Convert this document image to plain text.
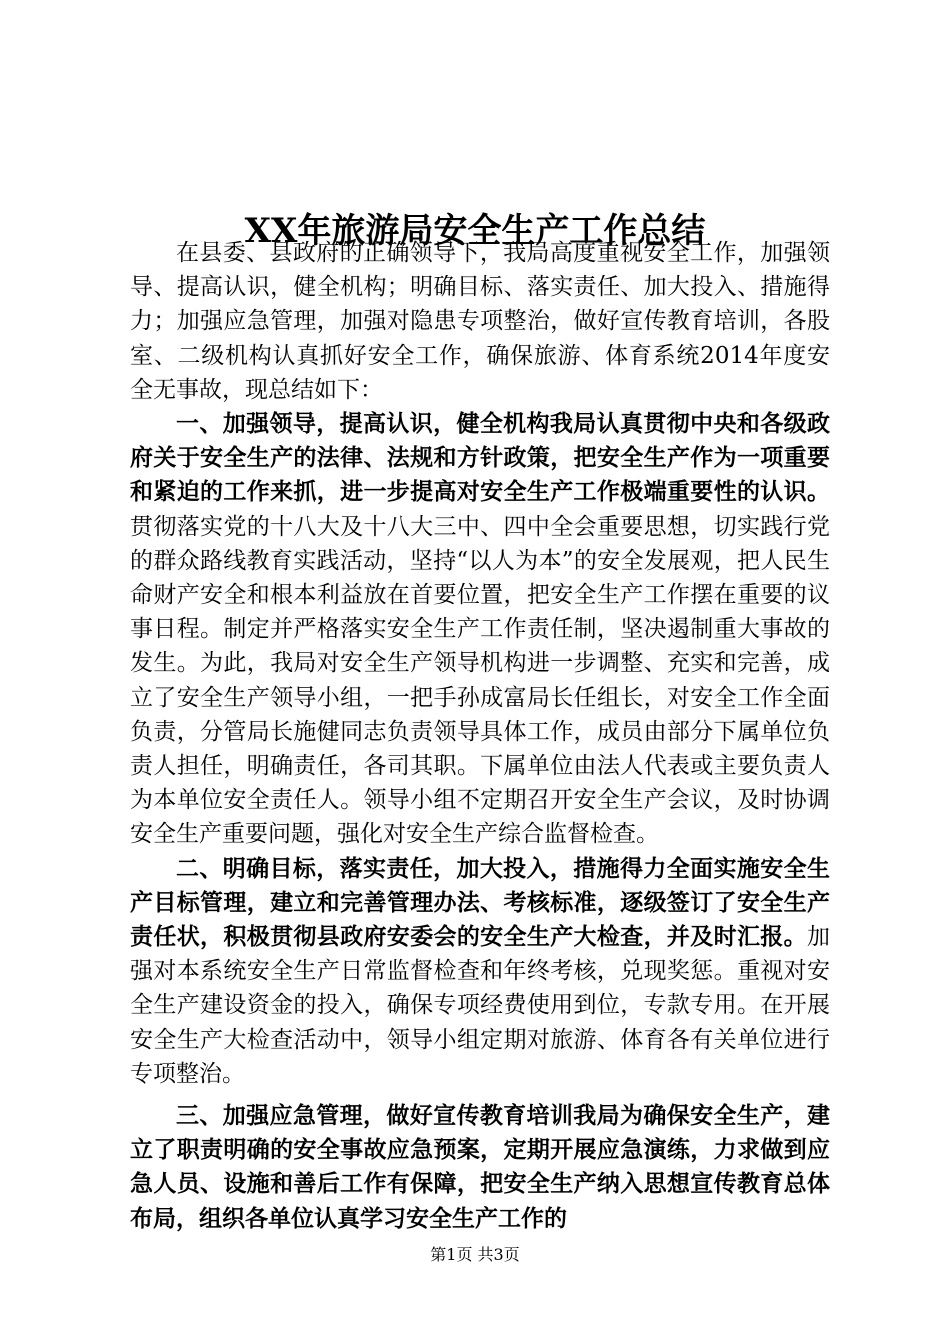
XX年旅游局安全生产工作总结

在县委、县政府的正确领导下，我局高度重视安全工作，加强领导、提高认识，健全机构；明确目标、落实责任、加大投入、措施得力；加强应急管理，加强对隐患专项整治，做好宣传教育培训，各股室、二级机构认真抓好安全工作，确保旅游、体育系统2014年度安全无事故，现总结如下：

一、加强领导，提高认识，健全机构我局认真贯彻中央和各级政府关于安全生产的法律、法规和方针政策，把安全生产作为一项重要和紧迫的工作来抓，进一步提高对安全生产工作极端重要性的认识。贯彻落实党的十八大及十八大三中、四中全会重要思想，切实践行党的群众路线教育实践活动，坚持“以人为本”的安全发展观，把人民生命财产安全和根本利益放在首要位置，把安全生产工作摆在重要的议事日程。制定并严格落实安全生产工作责任制，坚决遏制重大事故的发生。为此，我局对安全生产领导机构进一步调整、充实和完善，成立了安全生产领导小组，一把手孙成富局长任组长，对安全工作全面负责，分管局长施健同志负责领导具体工作，成员由部分下属单位负责人担任，明确责任，各司其职。下属单位由法人代表或主要负责人为本单位安全责任人。领导小组不定期召开安全生产会议，及时协调安全生产重要问题，强化对安全生产综合监督检查。

二、明确目标，落实责任，加大投入，措施得力全面实施安全生产目标管理，建立和完善管理办法、考核标准，逐级签订了安全生产责任状，积极贯彻县政府安委会的安全生产大检查，并及时汇报。加强对本系统安全生产日常监督检查和年终考核，兑现奖惩。重视对安全生产建设资金的投入，确保专项经费使用到位，专款专用。在开展安全生产大检查活动中，领导小组定期对旅游、体育各有关单位进行专项整治。

三、加强应急管理，做好宣传教育培训我局为确保安全生产，建立了职责明确的安全事故应急预案，定期开展应急演练，力求做到应急人员、设施和善后工作有保障，把安全生产纳入思想宣传教育总体布局，组织各单位认真学习安全生产工作的

第1页 共3页
